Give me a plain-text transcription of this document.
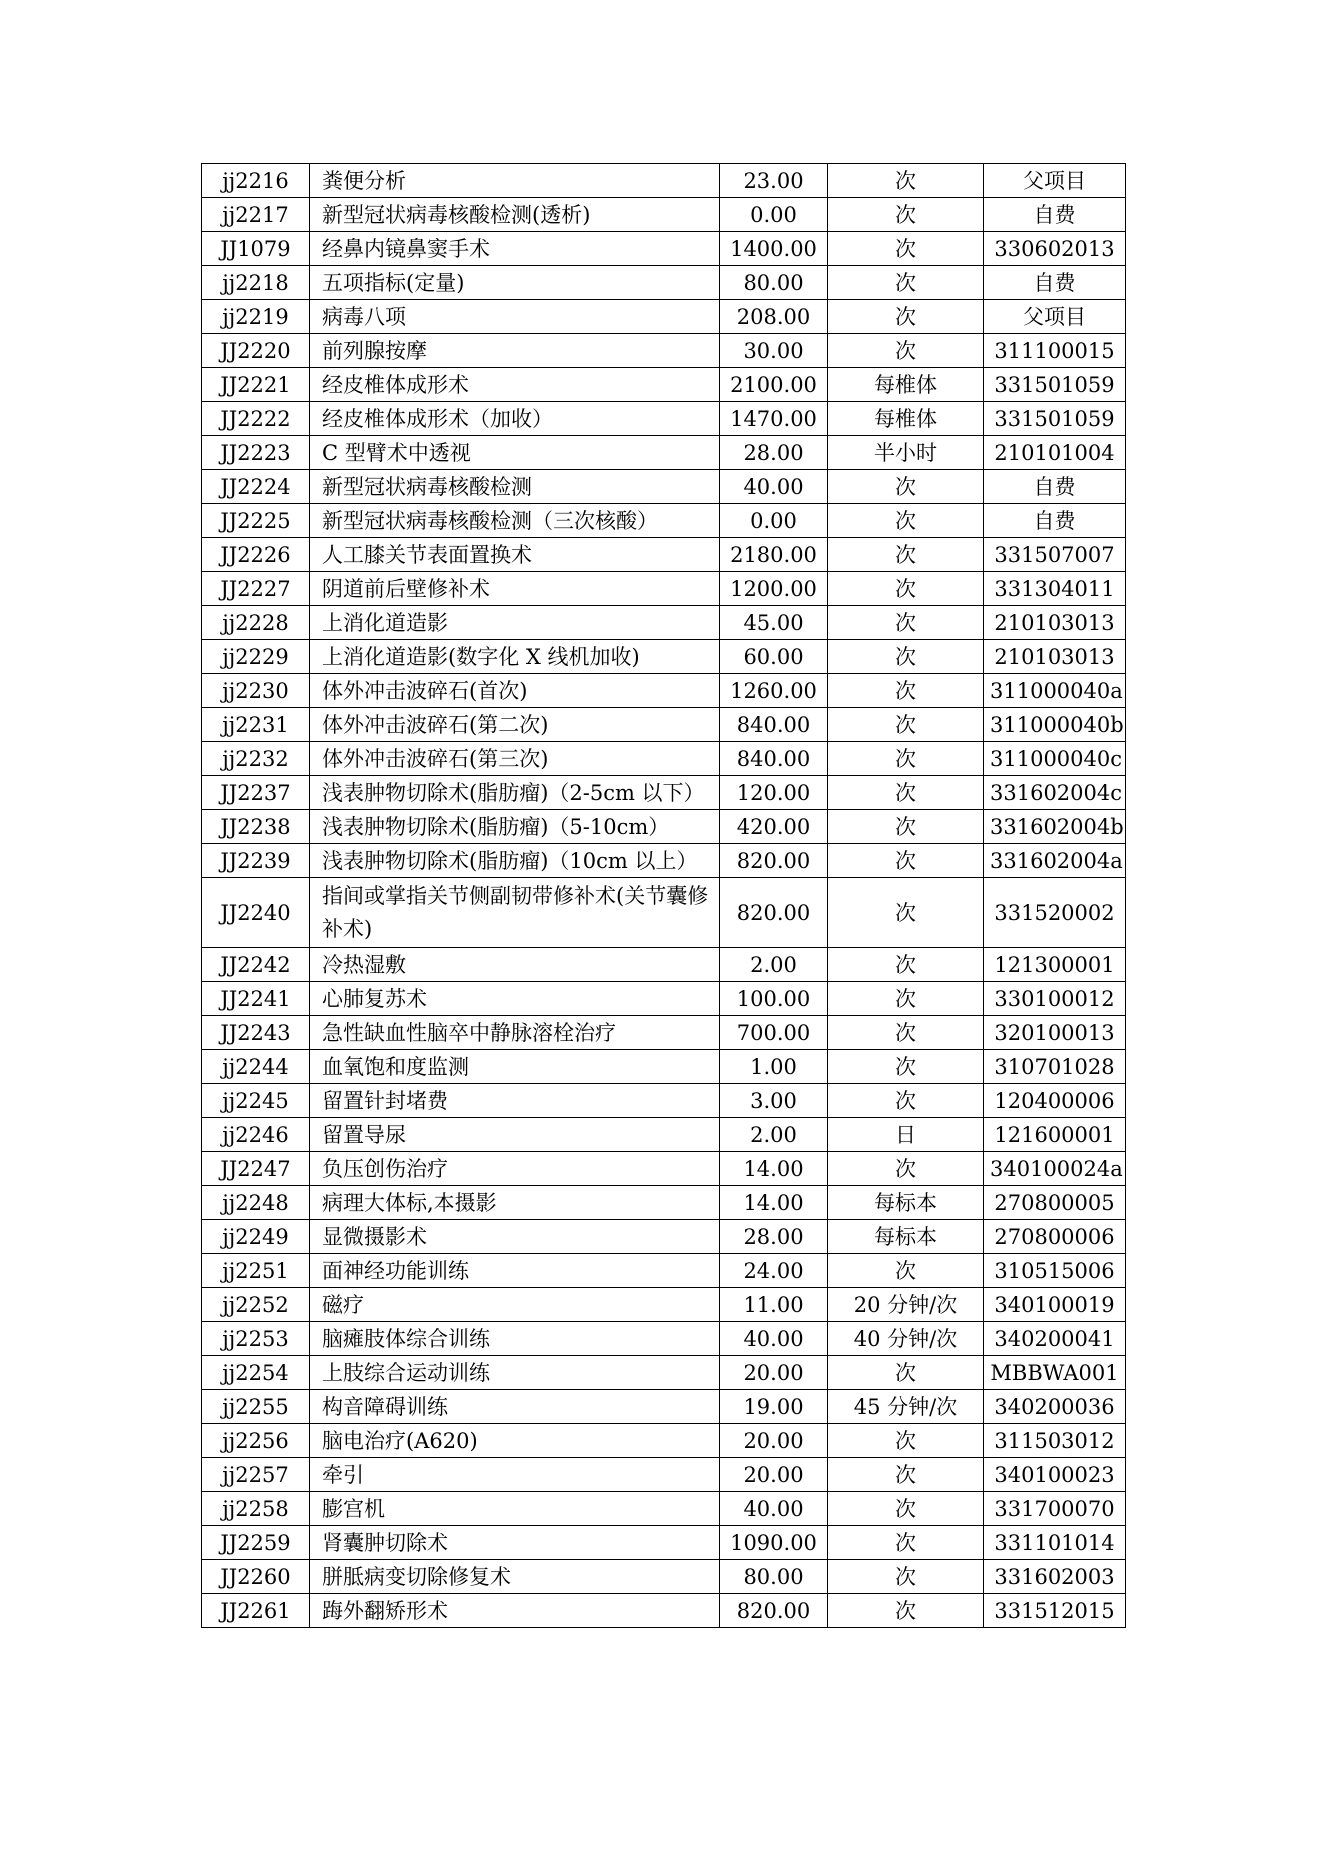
jj2216	粪便分析	23.00	次	父项目
jj2217	新型冠状病毒核酸检测(透析)	0.00	次	自费
JJ1079	经鼻内镜鼻窦手术	1400.00	次	330602013
jj2218	五项指标(定量)	80.00	次	自费
jj2219	病毒八项	208.00	次	父项目
JJ2220	前列腺按摩	30.00	次	311100015
JJ2221	经皮椎体成形术	2100.00	每椎体	331501059
JJ2222	经皮椎体成形术（加收）	1470.00	每椎体	331501059
JJ2223	C 型臂术中透视	28.00	半小时	210101004
JJ2224	新型冠状病毒核酸检测	40.00	次	自费
JJ2225	新型冠状病毒核酸检测（三次核酸）	0.00	次	自费
JJ2226	人工膝关节表面置换术	2180.00	次	331507007
JJ2227	阴道前后壁修补术	1200.00	次	331304011
jj2228	上消化道造影	45.00	次	210103013
jj2229	上消化道造影(数字化 X 线机加收)	60.00	次	210103013
jj2230	体外冲击波碎石(首次)	1260.00	次	311000040a
jj2231	体外冲击波碎石(第二次)	840.00	次	311000040b
jj2232	体外冲击波碎石(第三次)	840.00	次	311000040c
JJ2237	浅表肿物切除术(脂肪瘤)（2-5cm 以下）	120.00	次	331602004c
JJ2238	浅表肿物切除术(脂肪瘤)（5-10cm）	420.00	次	331602004b
JJ2239	浅表肿物切除术(脂肪瘤)（10cm 以上）	820.00	次	331602004a
JJ2240	指间或掌指关节侧副韧带修补术(关节囊修补术)	820.00	次	331520002
JJ2242	冷热湿敷	2.00	次	121300001
JJ2241	心肺复苏术	100.00	次	330100012
JJ2243	急性缺血性脑卒中静脉溶栓治疗	700.00	次	320100013
jj2244	血氧饱和度监测	1.00	次	310701028
jj2245	留置针封堵费	3.00	次	120400006
jj2246	留置导尿	2.00	日	121600001
JJ2247	负压创伤治疗	14.00	次	340100024a
jj2248	病理大体标,本摄影	14.00	每标本	270800005
jj2249	显微摄影术	28.00	每标本	270800006
jj2251	面神经功能训练	24.00	次	310515006
jj2252	磁疗	11.00	20 分钟/次	340100019
jj2253	脑瘫肢体综合训练	40.00	40 分钟/次	340200041
jj2254	上肢综合运动训练	20.00	次	MBBWA001
jj2255	构音障碍训练	19.00	45 分钟/次	340200036
jj2256	脑电治疗(A620)	20.00	次	311503012
jj2257	牵引	20.00	次	340100023
jj2258	膨宫机	40.00	次	331700070
JJ2259	肾囊肿切除术	1090.00	次	331101014
JJ2260	胼胝病变切除修复术	80.00	次	331602003
JJ2261	踇外翻矫形术	820.00	次	331512015
